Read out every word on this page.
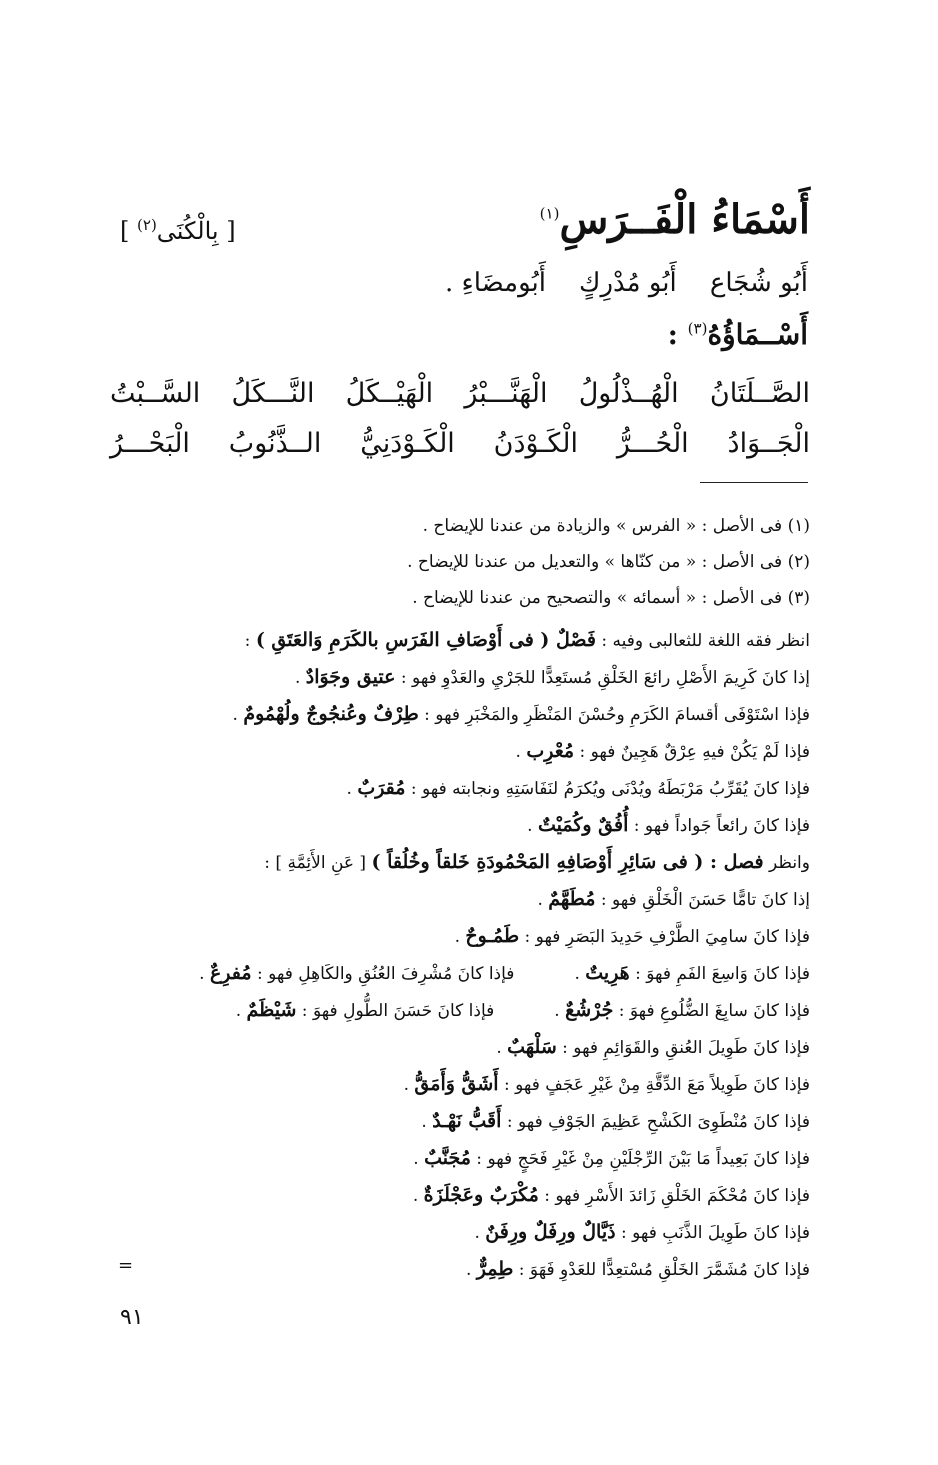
أَسْمَاءُ الْفَــرَسِ$^{(١)}$
[ بِالْكُنَى$^{(٢)}$ ]
أَبُو شُجَاع    أَبُو مُدْرِكٍ    أَبُومضَاءِ .
أَسْــمَاؤُهُ$^{(٣)}$ :
الصَّــلَتَانُ
الْهُــذْلُولُ
الْهَنَّـــبْرُ
الْهَيْــكَلُ
النَّـــكَلُ
السَّــبْتُ
الْجَــوَادُ
الْحُـــرُّ
الْكَـوْدَنُ
الْكَـوْدَنِيُّ
الــذَّنُوبُ
الْبَحْـــرُ
(١) فى الأصل : « الفرس » والزيادة من عندنا للإيضاح .
(٢) فى الأصل : « من كنّاها » والتعديل من عندنا للإيضاح .
(٣) فى الأصل : « أسمائه » والتصحيح من عندنا للإيضاح .
انظر فقه اللغة للثعالبى وفيه : فَصْلٌ ( فى أَوْصَافِ الفَرَسِ بالكَرَمِ وَالعَتَقِ ) :
إذا كانَ كَرِيمَ الأَصْلِ رائعَ الخَلْقِ مُستَعِدًّا للجَرْيِ والعَدْوِ فهو : عتيق وجَوَادٌ .
فإذا اسْتَوْفَى أقسامَ الكَرَمِ وحُسْنَ المَنْظَرِ والمَخْبَرِ فهو : طِرْفٌ وعُنجُوجٌ ولُهْمُومٌ .
فإذا لَمْ يَكُنْ فيهِ عِرْقٌ هَجِينٌ فهو : مُعْرِب .
فإذا كانَ يُقَرِّبُ مَرْبَطَهُ ويُدْنَى ويُكرَمُ لنَفَاسَتِهِ ونجابته فهو : مُقرَبٌ .
فإذا كانَ رائعاً جَواداً فهو : أُفُقٌ وكُمَيْتٌ .
وانظر فصل : ( فى سَائِرِ أَوْصَافِهِ المَحْمُودَةِ خَلقاً وخُلُقاً ) [ عَنِ الأَئِمَّةِ ] :
إذا كانَ تامًّا حَسَنَ الْخَلْقِ فهو : مُطَهَّمٌ .
فإذا كانَ سامِيَ الطَّرْفِ حَدِيدَ البَصَرِ فهو : طَمُـوحٌ .
فإذا كانَ وَاسِعَ الفَمِ فهوَ : هَرِيتٌ .فإذا كانَ مُشْرِفَ العُنُقِ والكَاهِلِ فهو : مُفرِعٌ .
فإذا كانَ سابِغَ الضُّلُوعِ فهوَ : جُرْشُعٌ .فإذا كانَ حَسَنَ الطُّولِ فهوَ : شَيْظَمٌ .
فإذا كانَ طَوِيلَ العُنقِ والقَوَائِمِ فهو : سَلْهَبٌ .
فإذا كانَ طَوِيلاً مَعَ الدِّقَّةِ مِنْ غَيْرِ عَجَفٍ فهو : أَشَقُّ وَأَمَقُّ .
فإذا كانَ مُنْطَوِىَ الكَشْحِ عَظِيمَ الجَوْفِ فهو : أَقَبُّ نَهْـدٌ .
فإذا كانَ بَعِيداً مَا بَيْنَ الرِّجْلَيْنِ مِنْ غَيْرِ فَحَجٍ فهو : مُجَنَّبٌ .
فإذا كانَ مُحْكَمَ الخَلْقِ زَائدَ الأَسْرِ فهو : مُكْرَبٌ وعَجْلَزَةٌ .
فإذا كانَ طَوِيلَ الذَّنَبِ فهو : ذَيَّالٌ ورِفَلٌ ورِفَنٌ .
فإذا كانَ مُشَمَّرَ الخَلْقِ مُسْتعِدًّا للعَدْوِ فَهَوَ : طِمِرٌّ .
=
٩١
